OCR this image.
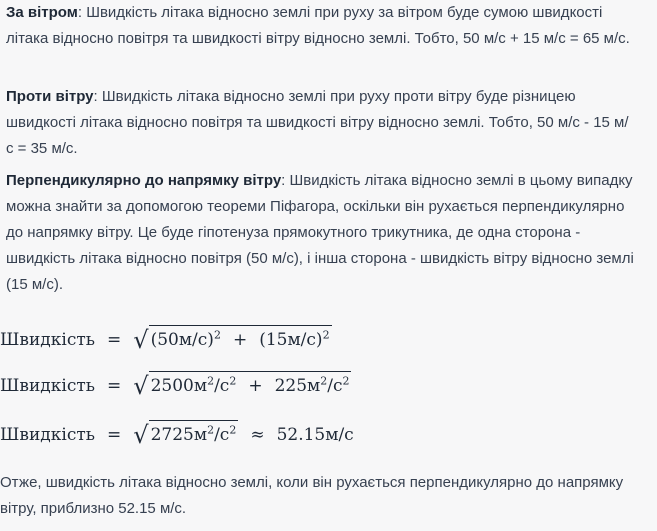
За вітром: Швидкість літака відносно землі при руху за вітром буде сумою швидкості літака відносно повітря та швидкості вітру відносно землі. Тобто, 50 м/с + 15 м/с = 65 м/с.

Проти вітру: Швидкість літака відносно землі при руху проти вітру буде різницею швидкості літака відносно повітря та швидкості вітру відносно землі. Тобто, 50 м/с - 15 м/с = 35 м/с.

Перпендикулярно до напрямку вітру: Швидкість літака відносно землі в цьому випадку можна знайти за допомогою теореми Піфагора, оскільки він рухається перпендикулярно до напрямку вітру. Це буде гіпотенуза прямокутного трикутника, де одна сторона - швидкість літака відносно повітря (50 м/с), і інша сторона - швидкість вітру відносно землі (15 м/с).

Швидкість = √ $(50м/с)^2 + (15м/с)^2$
Швидкість = √ $2500м^2/с^2 + 225м^2/с^2$
Швидкість = √ $2725м^2/с^2 \approx 52.15м/с$

Отже, швидкість літака відносно землі, коли він рухається перпендикулярно до напрямку вітру, приблизно 52.15 м/с.
